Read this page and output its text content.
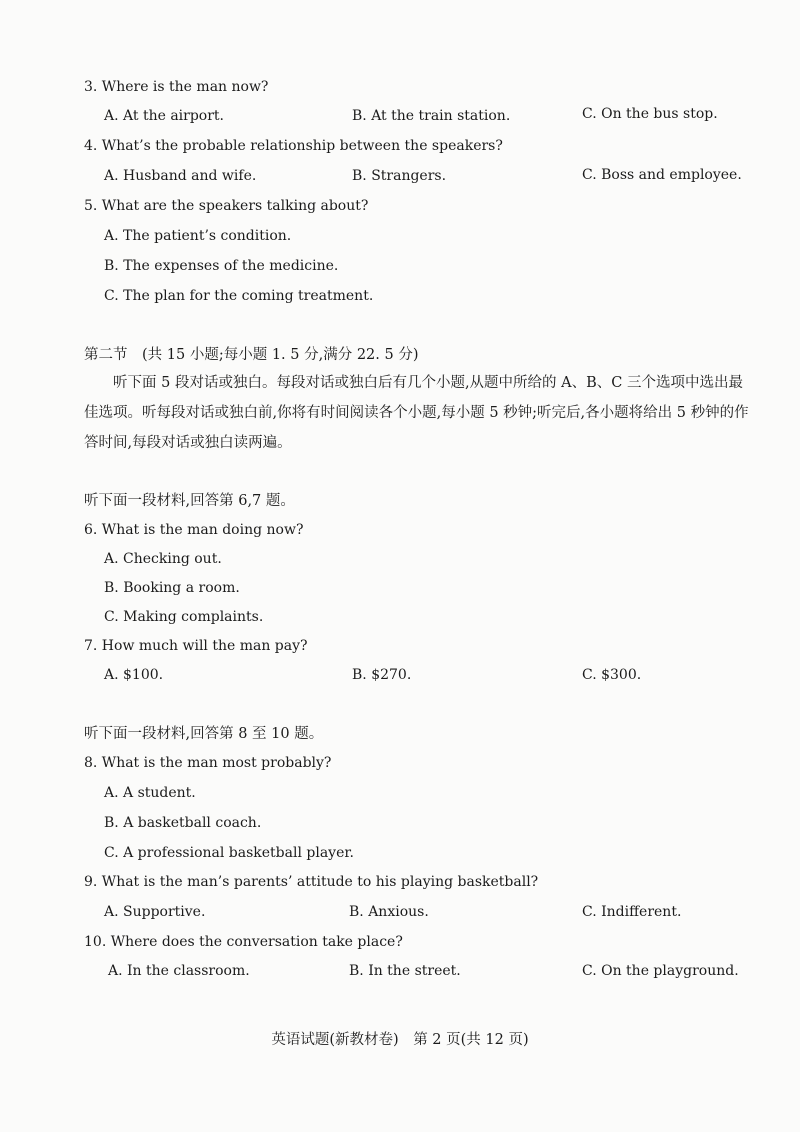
3. Where is the man now?
A. At the airport.	B. At the train station.	C. On the bus stop.
4. What’s the probable relationship between the speakers?
A. Husband and wife.	B. Strangers.	C. Boss and employee.
5. What are the speakers talking about?
A. The patient’s condition.
B. The expenses of the medicine.
C. The plan for the coming treatment.
第二节　(共 15 小题;每小题 1. 5 分,满分 22. 5 分)
听下面 5 段对话或独白。每段对话或独白后有几个小题,从题中所给的 A、B、C 三个选项中选出最佳选项。听每段对话或独白前,你将有时间阅读各个小题,每小题 5 秒钟;听完后,各小题将给出 5 秒钟的作答时间,每段对话或独白读两遍。
听下面一段材料,回答第 6,7 题。
6. What is the man doing now?
A. Checking out.
B. Booking a room.
C. Making complaints.
7. How much will the man pay?
A. $100.	B. $270.	C. $300.
听下面一段材料,回答第 8 至 10 题。
8. What is the man most probably?
A. A student.
B. A basketball coach.
C. A professional basketball player.
9. What is the man’s parents’ attitude to his playing basketball?
A. Supportive.	B. Anxious.	C. Indifferent.
10. Where does the conversation take place?
A. In the classroom.	B. In the street.	C. On the playground.
英语试题(新教材卷)　第 2 页(共 12 页)
